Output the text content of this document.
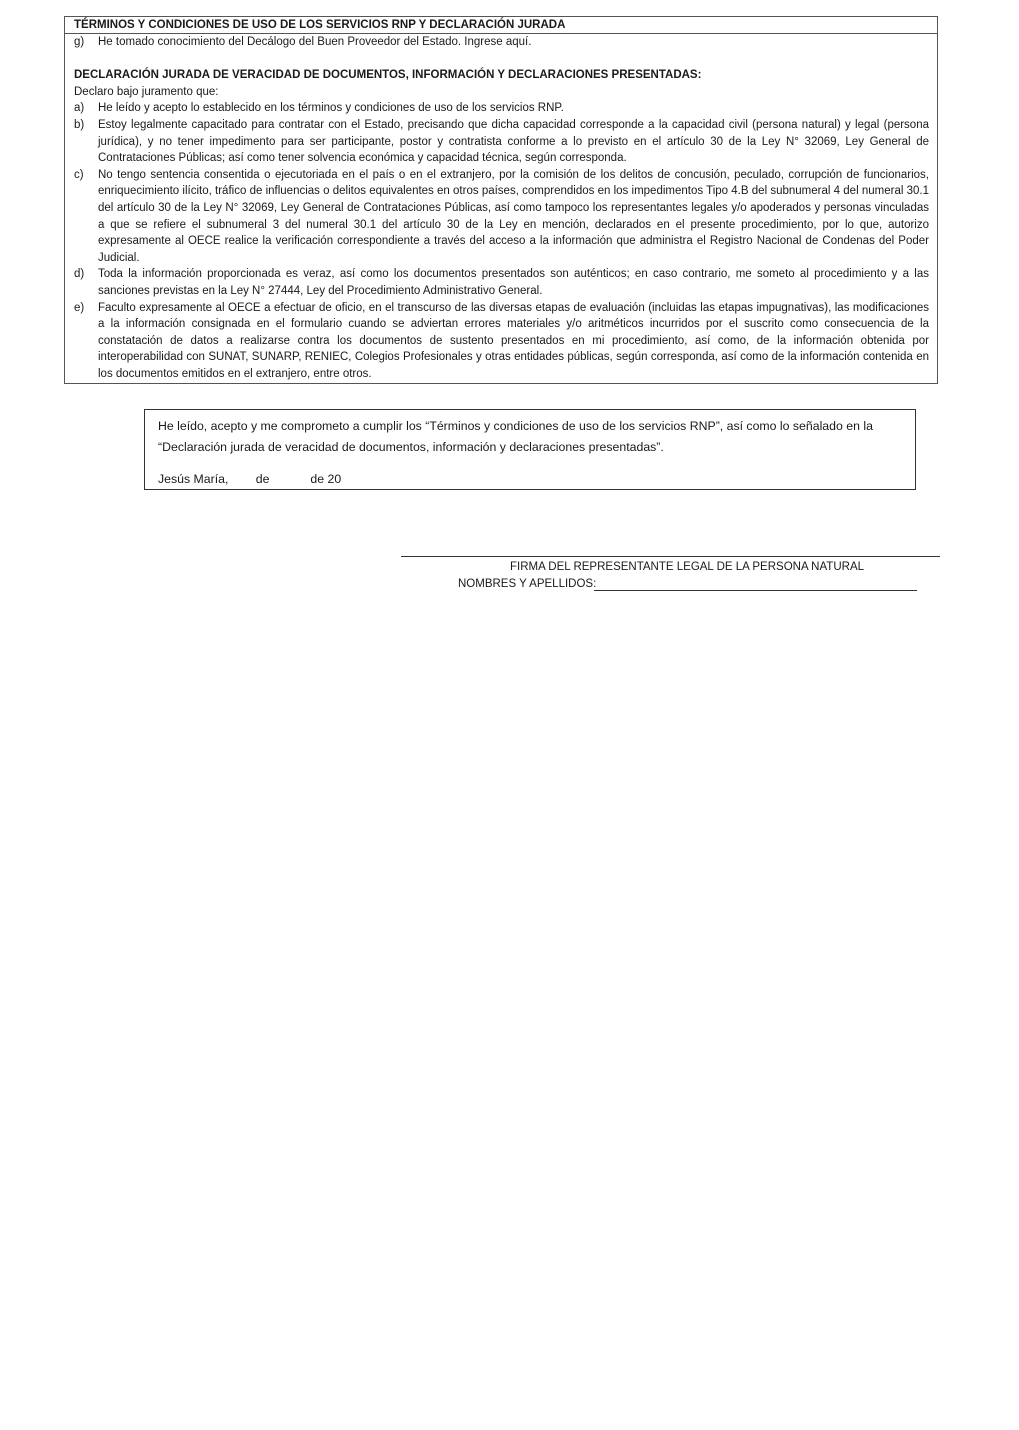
TÉRMINOS Y CONDICIONES DE USO DE LOS SERVICIOS RNP Y DECLARACIÓN JURADA
g)	He tomado conocimiento del Decálogo del Buen Proveedor del Estado. Ingrese aquí.
DECLARACIÓN JURADA DE VERACIDAD DE DOCUMENTOS, INFORMACIÓN Y DECLARACIONES PRESENTADAS:
Declaro bajo juramento que:
a)	He leído y acepto lo establecido en los términos y condiciones de uso de los servicios RNP.
b)	Estoy legalmente capacitado para contratar con el Estado, precisando que dicha capacidad corresponde a la capacidad civil (persona natural) y legal (persona jurídica), y no tener impedimento para ser participante, postor y contratista conforme a lo previsto en el artículo 30 de la Ley N° 32069, Ley General de Contrataciones Públicas; así como tener solvencia económica y capacidad técnica, según corresponda.
c)	No tengo sentencia consentida o ejecutoriada en el país o en el extranjero, por la comisión de los delitos de concusión, peculado, corrupción de funcionarios, enriquecimiento ilícito, tráfico de influencias o delitos equivalentes en otros países, comprendidos en los impedimentos Tipo 4.B del subnumeral 4 del numeral 30.1 del artículo 30 de la Ley N° 32069, Ley General de Contrataciones Públicas, así como tampoco los representantes legales y/o apoderados y personas vinculadas a que se refiere el subnumeral 3 del numeral 30.1 del artículo 30 de la Ley en mención, declarados en el presente procedimiento, por lo que, autorizo expresamente al OECE realice la verificación correspondiente a través del acceso a la información que administra el Registro Nacional de Condenas del Poder Judicial.
d)	Toda la información proporcionada es veraz, así como los documentos presentados son auténticos; en caso contrario, me someto al procedimiento y a las sanciones previstas en la Ley N° 27444, Ley del Procedimiento Administrativo General.
e)	Faculto expresamente al OECE a efectuar de oficio, en el transcurso de las diversas etapas de evaluación (incluidas las etapas impugnativas), las modificaciones a la información consignada en el formulario cuando se adviertan errores materiales y/o aritméticos incurridos por el suscrito como consecuencia de la constatación de datos a realizarse contra los documentos de sustento presentados en mi procedimiento, así como, de la información obtenida por interoperabilidad con SUNAT, SUNARP, RENIEC, Colegios Profesionales y otras entidades públicas, según corresponda, así como de la información contenida en los documentos emitidos en el extranjero, entre otros.
He leído, acepto y me comprometo a cumplir los “Términos y condiciones de uso de los servicios RNP”, así como lo señalado en la “Declaración jurada de veracidad de documentos, información y declaraciones presentadas”.
Jesús María, de	de 20
FIRMA DEL REPRESENTANTE LEGAL DE LA PERSONA NATURAL
NOMBRES Y APELLIDOS:
